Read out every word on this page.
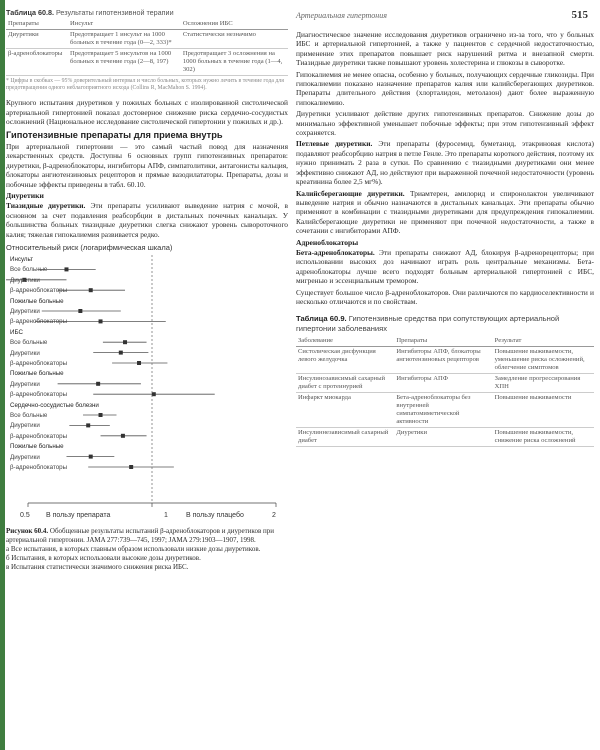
515
Артериальная гипертония
Таблица 60.8. Результаты гипотензивной терапии
Препараты	Инсульт	Осложнения ИБС
Диуретики	Предотвращает 1 инсульт на 1000 больных в течение года (0—2, 333)*	Статистически незначимо
β-адреноблокаторы	Предотвращает 5 инсультов на 1000 больных в течение года (2—8, 197)	Предотвращает 3 осложнения на 1000 больных в течение года (1—4, 302)
* Цифры в скобках — 95% доверительный интервал и число больных, которых нужно лечить в течение года для предотвращения одного неблагоприятного исхода (Collins R, MacMahon S. 1994).

Крупного испытания диуретиков у пожилых больных с изолированной систолической артериальной гипертонией показал достоверное снижение риска сердечно-сосудистых осложнений (Национальное исследование систолической гипертонии у пожилых и др.).

Гипотензивные препараты для приема внутрь

При артериальной гипертонии — это самый частый повод для назначения лекарственных средств. Доступны 6 основных групп гипотензивных препаратов: диуретики, β-адреноблокаторы, ингибиторы АПФ, симпатолитики, антагонисты кальция, блокаторы ангиотензиновых рецепторов и прямые вазодилататоры. Препараты, дозы и побочные эффекты приведены в табл. 60.10.

Диуретики

Тиазидные диуретики. Эти препараты усиливают выведение натрия с мочой, в основном за счет подавления реабсорбции в дистальных почечных канальцах. У большинства больных тиазидные диуретики слегка снижают уровень сывороточного калия; тяжелая гипокалиемия развивается редко.

Относительный риск (логарифмическая шкала)
Инсульт
Все больные
Диуретики
β-адреноблокаторы
Пожилые больные
Диуретики
β-адреноблокаторы
ИБС
Все больные
Диуретики
β-адреноблокаторы
Пожилые больные
Диуретики
β-адреноблокаторы
Сердечно-сосудистые болезни
Все больные
Диуретики
β-адреноблокаторы
Пожилые больные
Диуретики
β-адреноблокаторы
0.5 В пользу препарата	1	В пользу плацебо	2
Рисунок 60.4. Обобщенные результаты испытаний β-адреноблокаторов и диуретиков при артериальной гипертонии. JAMA 277:739—745, 1997; JAMA 279:1903—1907, 1998.
а Все испытания, в которых главным образом использовали низкие дозы диуретиков.
б Испытания, в которых использовали высокие дозы диуретиков.
в Испытания статистически значимого снижения риска ИБС.

Диагностическое значение исследования диуретиков ограничено из-за того, что у больных ИБС и артериальной гипертонией, а также у пациентов с сердечной недостаточностью, применение этих препаратов повышает риск нарушений ритма и внезапной смерти. Тиазидные диуретики также повышают уровень холестерина и глюкозы в сыворотке.

Гипокалиемия не менее опасна, особенно у больных, получающих сердечные гликозиды. При гипокалиемии показано назначение препаратов калия или калийсберегающих диуретиков. Препараты длительного действия (хлорталидон, метолазон) дают более выраженную гипокалиемию.

Диуретики усиливают действие других гипотензивных препаратов. Снижение дозы до минимально эффективной уменьшает побочные эффекты; при этом гипотензивный эффект сохраняется.

Петлевые диуретики. Эти препараты (фуросемид, буметанид, этакриновая кислота) подавляют реабсорбцию натрия в петле Генле. Это препараты короткого действия, поэтому их нужно принимать 2 раза в сутки. По сравнению с тиазидными диуретиками они менее эффективно снижают АД, но действуют при выраженной почечной недостаточности (уровень креатинина более 2,5 мг%).

Калийсберегающие диуретики. Триамтерен, амилорид и спиронолактон увеличивают выведение натрия и обычно назначаются в дистальных канальцах. Эти препараты обычно применяют в комбинации с тиазидными диуретиками для предупреждения гипокалиемии. Калийсберегающие диуретики не применяют при почечной недостаточности, а также в сочетании с ингибиторами АПФ.

Адреноблокаторы

Бета-адреноблокаторы. Эти препараты снижают АД, блокируя β-адренорецепторы; при использовании высоких доз начинают играть роль центральные механизмы. Бета-адреноблокаторы лучше всего подходят больным артериальной гипертонией с ИБС, мигренью и эссенциальным тремором.

Существует большое число β-адреноблокаторов. Они различаются по кардиоселективности и несколько отличаются и по свойствам.

Таблица 60.9. Гипотензивные средства при сопутствующих артериальной гипертонии заболеваниях
Заболевание	Препараты	Результат
Систолическая дисфункция левого желудочка	Ингибиторы АПФ, блокаторы ангиотензиновых рецепторов	Повышение выживаемости, уменьшение риска осложнений, облегчение симптомов
Инсулинозависимый сахарный диабет с протеинурией	Ингибиторы АПФ	Замедление прогрессирования ХПН
Инфаркт миокарда	Бета-адреноблокаторы без внутренней симпатомиметической активности	Повышение выживаемости
Инсулиннезависимый сахарный диабет	Диуретики	Повышение выживаемости, снижение риска осложнений
